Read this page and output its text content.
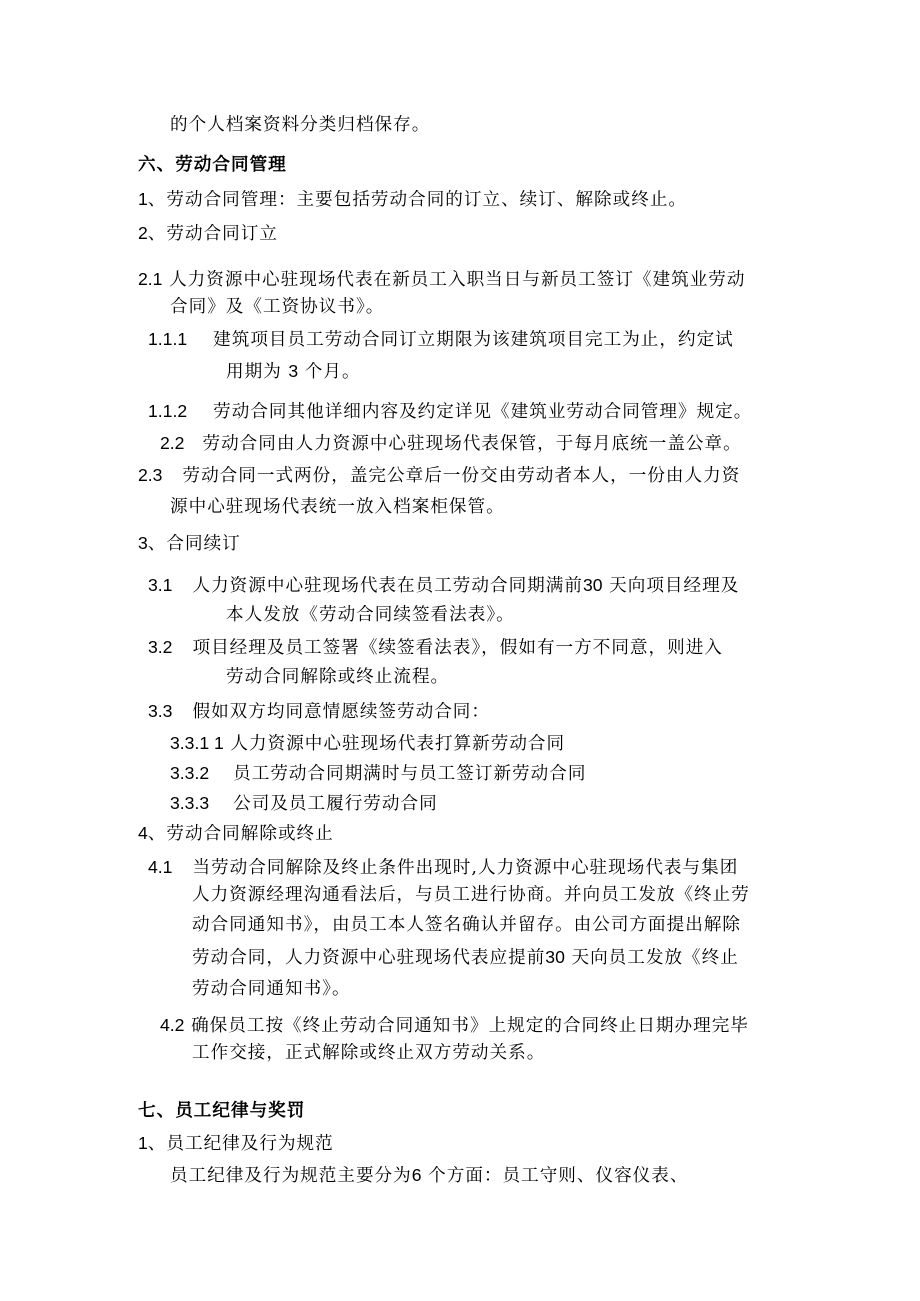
的个人档案资料分类归档保存。
六、劳动合同管理
1、劳动合同管理：主要包括劳动合同的订立、续订、解除或终止。
2、劳动合同订立
2.1 人力资源中心驻现场代表在新员工入职当日与新员工签订《建筑业劳动
合同》及《工资协议书》。
1.1.1 建筑项目员工劳动合同订立期限为该建筑项目完工为止，约定试
用期为 3 个月。
1.1.2 劳动合同其他详细内容及约定详见《建筑业劳动合同管理》规定。
2.2 劳动合同由人力资源中心驻现场代表保管，于每月底统一盖公章。
2.3 劳动合同一式两份，盖完公章后一份交由劳动者本人，一份由人力资
源中心驻现场代表统一放入档案柜保管。
3、合同续订
3.1 人力资源中心驻现场代表在员工劳动合同期满前30 天向项目经理及
本人发放《劳动合同续签看法表》。
3.2 项目经理及员工签署《续签看法表》，假如有一方不同意，则进入
劳动合同解除或终止流程。
3.3 假如双方均同意情愿续签劳动合同：
3.3.1 1 人力资源中心驻现场代表打算新劳动合同
3.3.2 员工劳动合同期满时与员工签订新劳动合同
3.3.3 公司及员工履行劳动合同
4、劳动合同解除或终止
4.1 当劳动合同解除及终止条件出现时,人力资源中心驻现场代表与集团
人力资源经理沟通看法后，与员工进行协商。并向员工发放《终止劳
动合同通知书》，由员工本人签名确认并留存。由公司方面提出解除
劳动合同，人力资源中心驻现场代表应提前30 天向员工发放《终止
劳动合同通知书》。
4.2 确保员工按《终止劳动合同通知书》上规定的合同终止日期办理完毕
工作交接，正式解除或终止双方劳动关系。
七、员工纪律与奖罚
1、员工纪律及行为规范
员工纪律及行为规范主要分为6 个方面：员工守则、仪容仪表、
